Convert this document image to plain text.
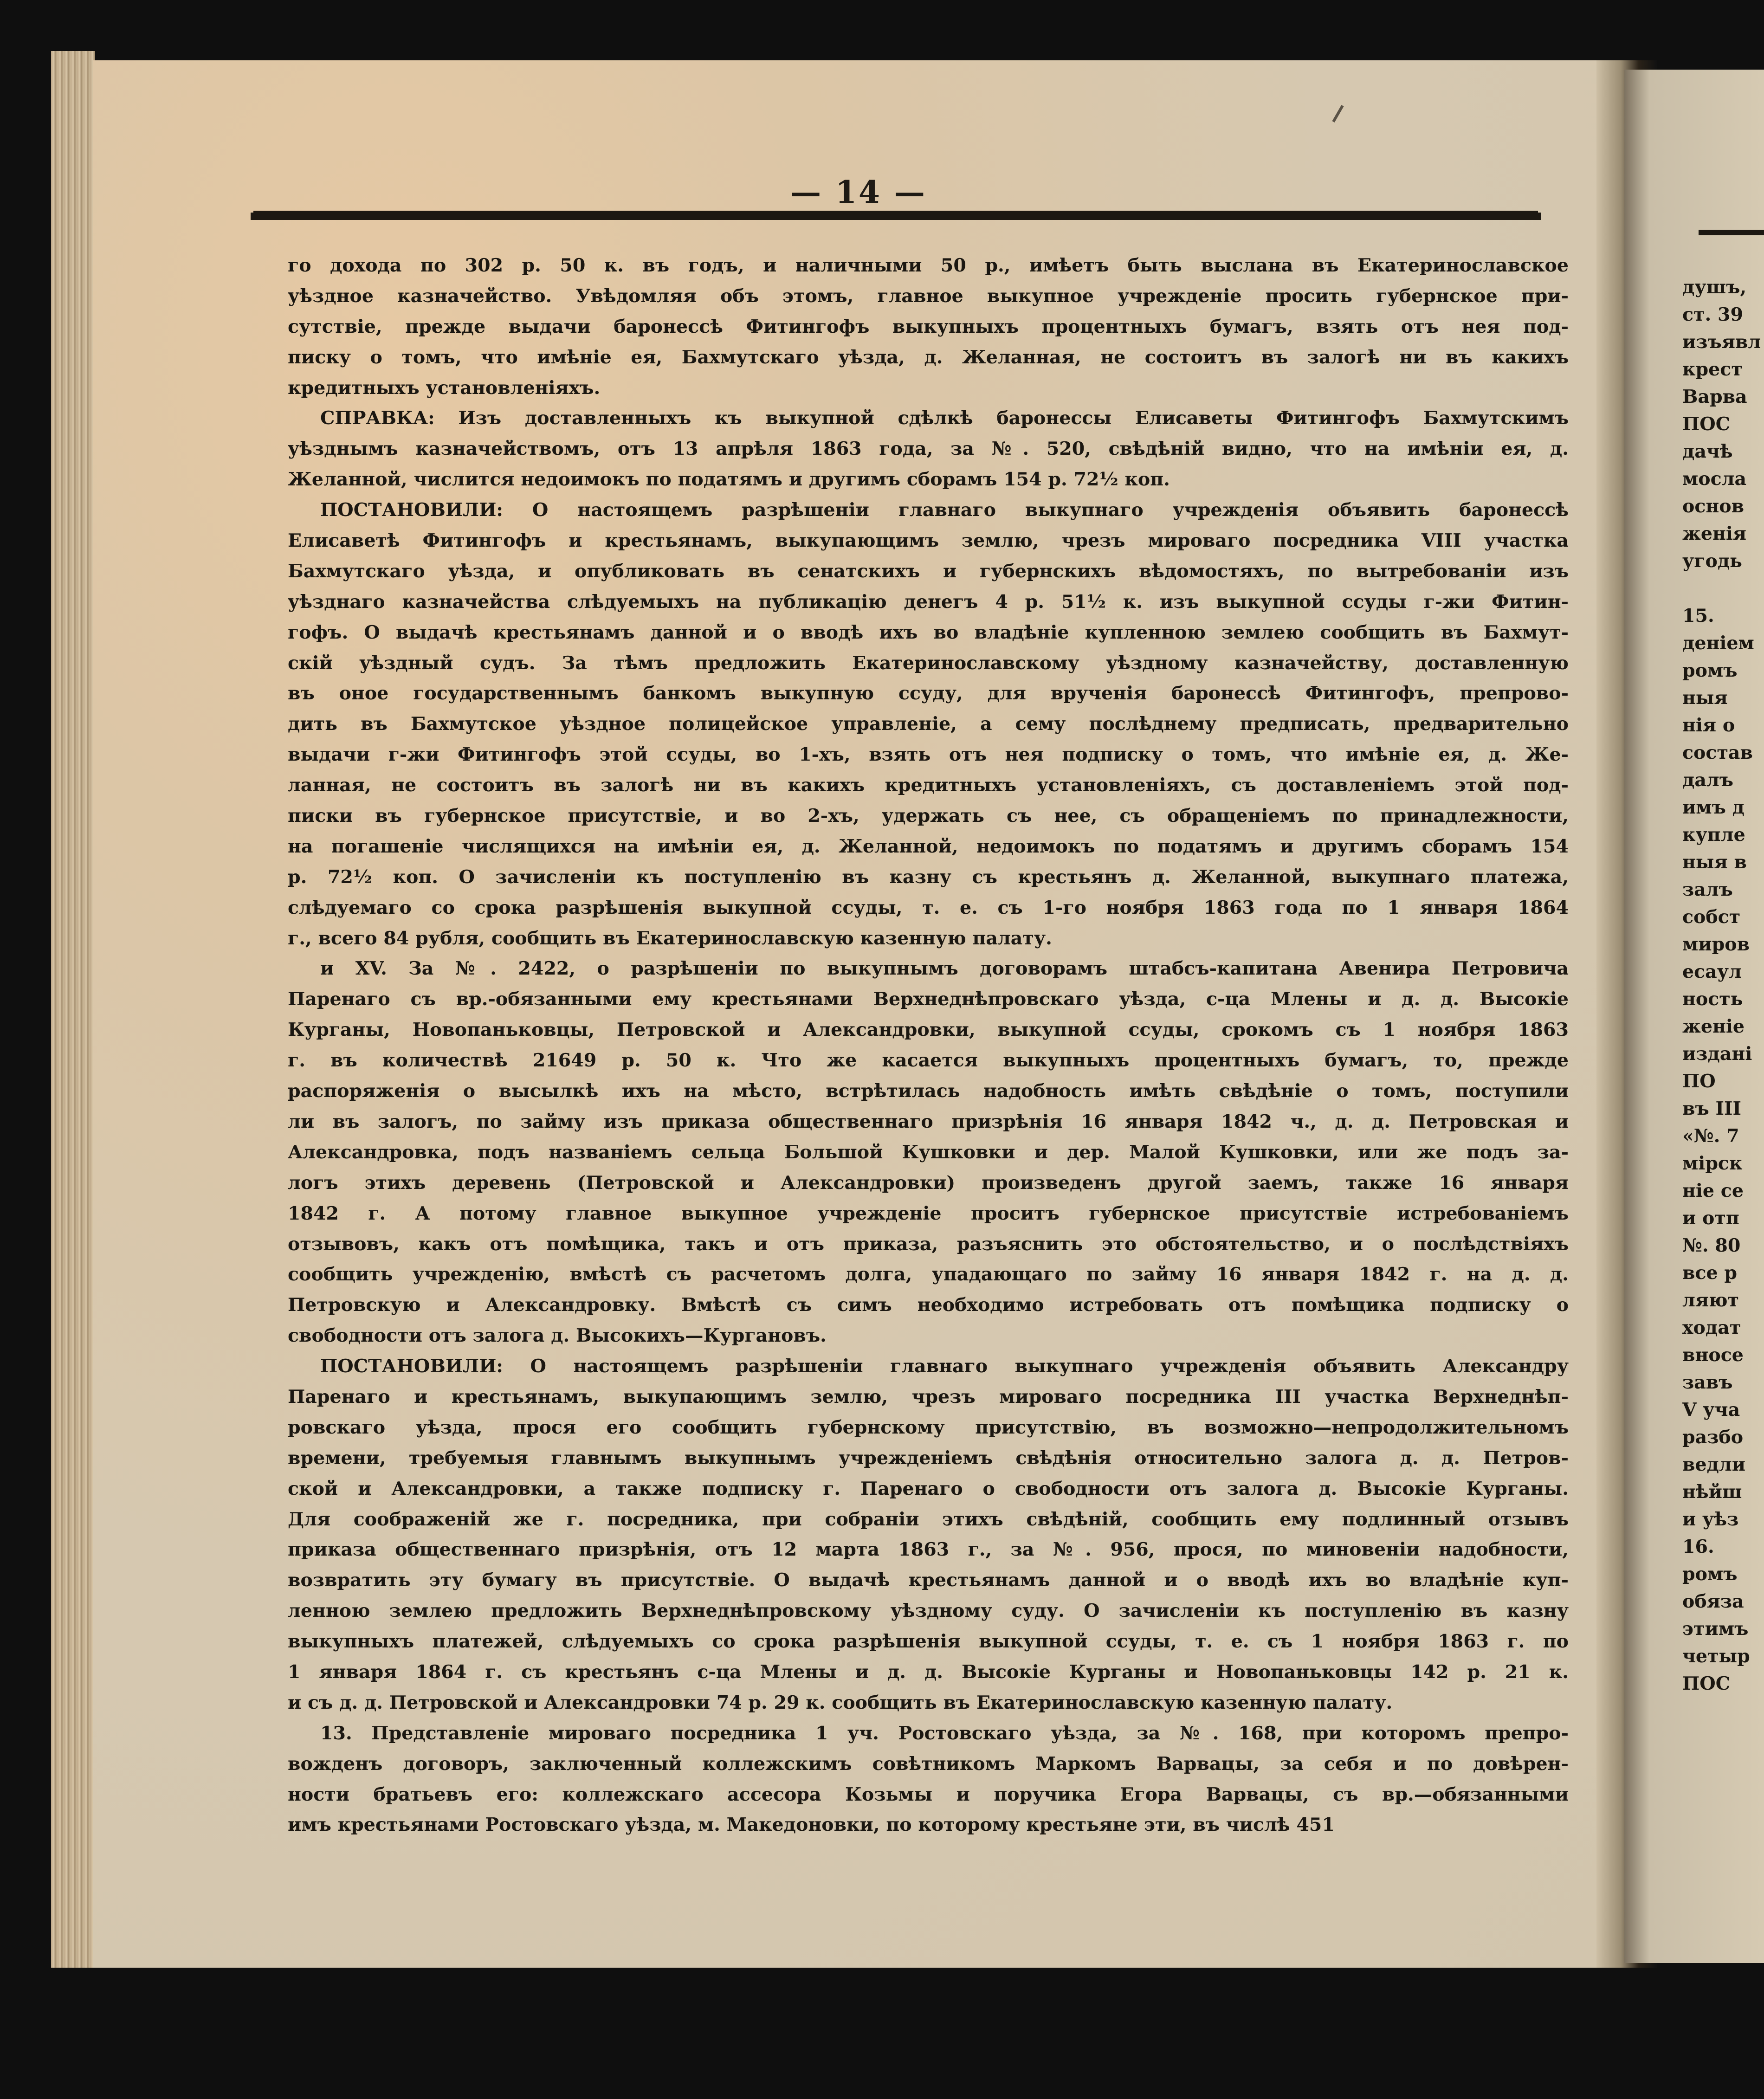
— 14 —
го дохода по 302 р. 50 к. въ годъ, и наличными 50 р., имѣетъ быть выслана въ Екатеринославское
уѣздное казначейство. Увѣдомляя объ этомъ, главное выкупное учрежденіе просить губернское при-
сутствіе, прежде выдачи баронессѣ Фитингофъ выкупныхъ процентныхъ бумагъ, взять отъ нея под-
писку о томъ, что имѣніе ея, Бахмутскаго уѣзда, д. Желанная, не состоитъ въ залогѣ ни въ какихъ
кредитныхъ установленіяхъ.
СПРАВКА: Изъ доставленныхъ къ выкупной сдѣлкѣ баронессы Елисаветы Фитингофъ Бахмутскимъ
уѣзднымъ казначействомъ, отъ 13 апрѣля 1863 года, за №. 520, свѣдѣній видно, что на имѣніи ея, д.
Желанной, числится недоимокъ по податямъ и другимъ сборамъ 154 р. 72½ коп.
ПОСТАНОВИЛИ: О настоящемъ разрѣшеніи главнаго выкупнаго учрежденія объявить баронессѣ
Елисаветѣ Фитингофъ и крестьянамъ, выкупающимъ землю, чрезъ мироваго посредника VIII участка
Бахмутскаго уѣзда, и опубликовать въ сенатскихъ и губернскихъ вѣдомостяхъ, по вытребованіи изъ
уѣзднаго казначейства слѣдуемыхъ на публикацію денегъ 4 р. 51½ к. изъ выкупной ссуды г-жи Фитин-
гофъ. О выдачѣ крестьянамъ данной и о вводѣ ихъ во владѣніе купленною землею сообщить въ Бахмут-
скій уѣздный судъ. За тѣмъ предложить Екатеринославскому уѣздному казначейству, доставленную
въ оное государственнымъ банкомъ выкупную ссуду, для врученія баронессѣ Фитингофъ, препрово-
дить въ Бахмутское уѣздное полицейское управленіе, а сему послѣднему предписать, предварительно
выдачи г-жи Фитингофъ этой ссуды, во 1-хъ, взять отъ нея подписку о томъ, что имѣніе ея, д. Же-
ланная, не состоитъ въ залогѣ ни въ какихъ кредитныхъ установленіяхъ, съ доставленіемъ этой под-
писки въ губернское присутствіе, и во 2-хъ, удержать съ нее, съ обращеніемъ по принадлежности,
на погашеніе числящихся на имѣніи ея, д. Желанной, недоимокъ по податямъ и другимъ сборамъ 154
р. 72½ коп. О зачисленіи къ поступленію въ казну съ крестьянъ д. Желанной, выкупнаго платежа,
слѣдуемаго со срока разрѣшенія выкупной ссуды, т. е. съ 1-го ноября 1863 года по 1 января 1864
г., всего 84 рубля, сообщить въ Екатеринославскую казенную палату.
и XV. За №. 2422, о разрѣшеніи по выкупнымъ договорамъ штабсъ-капитана Авенира Петровича
Паренаго съ вр.-обязанными ему крестьянами Верхнеднѣпровскаго уѣзда, с-ца Млены и д. д. Высокіе
Курганы, Новопаньковцы, Петровской и Александровки, выкупной ссуды, срокомъ съ 1 ноября 1863
г. въ количествѣ 21649 р. 50 к. Что же касается выкупныхъ процентныхъ бумагъ, то, прежде
распоряженія о высылкѣ ихъ на мѣсто, встрѣтилась надобность имѣть свѣдѣніе о томъ, поступили
ли въ залогъ, по займу изъ приказа общественнаго призрѣнія 16 января 1842 ч., д. д. Петровская и
Александровка, подъ названіемъ сельца Большой Кушковки и дер. Малой Кушковки, или же подъ за-
логъ этихъ деревень (Петровской и Александровки) произведенъ другой заемъ, также 16 января
1842 г. А потому главное выкупное учрежденіе проситъ губернское присутствіе истребованіемъ
отзывовъ, какъ отъ помѣщика, такъ и отъ приказа, разъяснить это обстоятельство, и о послѣдствіяхъ
сообщить учрежденію, вмѣстѣ съ расчетомъ долга, упадающаго по займу 16 января 1842 г. на д. д.
Петровскую и Александровку. Вмѣстѣ съ симъ необходимо истребовать отъ помѣщика подписку о
свободности отъ залога д. Высокихъ—Кургановъ.
ПОСТАНОВИЛИ: О настоящемъ разрѣшеніи главнаго выкупнаго учрежденія объявить Александру
Паренаго и крестьянамъ, выкупающимъ землю, чрезъ мироваго посредника III участка Верхнеднѣп-
ровскаго уѣзда, прося его сообщить губернскому присутствію, въ возможно—непродолжительномъ
времени, требуемыя главнымъ выкупнымъ учрежденіемъ свѣдѣнія относительно залога д. д. Петров-
ской и Александровки, а также подписку г. Паренаго о свободности отъ залога д. Высокіе Курганы.
Для соображеній же г. посредника, при собраніи этихъ свѣдѣній, сообщить ему подлинный отзывъ
приказа общественнаго призрѣнія, отъ 12 марта 1863 г., за №. 956, прося, по миновеніи надобности,
возвратить эту бумагу въ присутствіе. О выдачѣ крестьянамъ данной и о вводѣ ихъ во владѣніе куп-
ленною землею предложить Верхнеднѣпровскому уѣздному суду. О зачисленіи къ поступленію въ казну
выкупныхъ платежей, слѣдуемыхъ со срока разрѣшенія выкупной ссуды, т. е. съ 1 ноября 1863 г. по
1 января 1864 г. съ крестьянъ с-ца Млены и д. д. Высокіе Курганы и Новопаньковцы 142 р. 21 к.
и съ д. д. Петровской и Александровки 74 р. 29 к. сообщить въ Екатеринославскую казенную палату.
13. Представленіе мироваго посредника 1 уч. Ростовскаго уѣзда, за №. 168, при которомъ препро-
вожденъ договоръ, заключенный коллежскимъ совѣтникомъ Маркомъ Варвацы, за себя и по довѣрен-
ности братьевъ его: коллежскаго ассесора Козьмы и поручика Егора Варвацы, съ вр.—обязанными
имъ крестьянами Ростовскаго уѣзда, м. Македоновки, по которому крестьяне эти, въ числѣ 451
душъ,
ст. 39
изъявл
крест
Варва
ПОС
дачѣ
мосла
основ
женія
угодь
15.
деніем
ромъ
ныя
нія о
состав
далъ
имъ д
купле
ныя в
залъ
собст
миров
есаул
ность
женіе
изданi
ПО
въ III
«№. 7
мірск
ніе се
и отп
№. 80
все р
ляют
ходат
вносе
завъ
V уча
разбо
ведли
нѣйш
и уѣз
16.
ромъ
обяза
этимъ
четыр
ПОС
